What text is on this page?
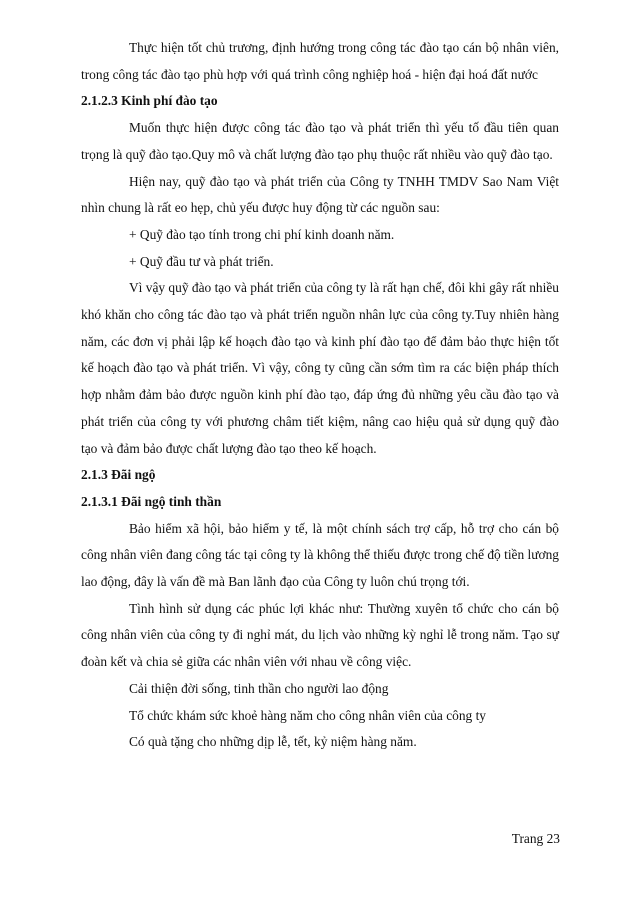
Thực hiện tốt chủ trương, định hướng trong công tác đào tạo cán bộ nhân viên, trong công tác đào tạo phù hợp với quá trình công nghiệp hoá - hiện đại hoá đất nước

2.1.2.3 Kinh phí đào tạo

Muốn thực hiện được công tác đào tạo và phát triển thì yếu tố đầu tiên quan trọng là quỹ đào tạo.Quy mô và chất lượng đào tạo phụ thuộc rất nhiều vào quỹ đào tạo.

Hiện nay, quỹ đào tạo và phát triển của Công ty TNHH TMDV Sao Nam Việt nhìn chung là rất eo hẹp, chủ yếu được huy động từ các nguồn sau:

+ Quỹ đào tạo tính trong chi phí kinh doanh năm.

+ Quỹ đầu tư và phát triển.

Vì vậy quỹ đào tạo và phát triển của công ty là rất hạn chế, đôi khi gây rất nhiều khó khăn cho công tác đào tạo và phát triển nguồn nhân lực của công ty.Tuy nhiên hàng năm, các đơn vị phải lập kế hoạch đào tạo và kinh phí đào tạo để đảm bảo thực hiện tốt kế hoạch đào tạo và phát triển. Vì vậy, công ty cũng cần sớm tìm ra các biện pháp thích hợp nhằm đảm bảo được nguồn kinh phí đào tạo, đáp ứng đủ những yêu cầu đào tạo và phát triển của công ty với phương châm tiết kiệm, nâng cao hiệu quả sử dụng quỹ đào tạo và đảm bảo được chất lượng đào tạo theo kế hoạch.

2.1.3 Đãi ngộ

2.1.3.1 Đãi ngộ tinh thần

Bảo hiểm xã hội, bảo hiểm y tế, là một chính sách trợ cấp, hỗ trợ cho cán bộ công nhân viên đang công tác tại công ty là không thể thiếu được trong chế độ tiền lương lao động, đây là vấn đề mà Ban lãnh đạo của Công ty luôn chú trọng tới.

Tình hình sử dụng các phúc lợi khác như: Thường xuyên tổ chức cho cán bộ công nhân viên của công ty đi nghỉ mát, du lịch vào những kỳ nghỉ lễ trong năm. Tạo sự đoàn kết và chia sẻ giữa các nhân viên với nhau về công việc.

Cải thiện đời sống, tinh thần cho người lao động

Tổ chức khám sức khoẻ hàng năm cho công nhân viên của công ty

Có quà tặng cho những dịp lễ, tết, kỷ niệm hàng năm.

Trang 23
